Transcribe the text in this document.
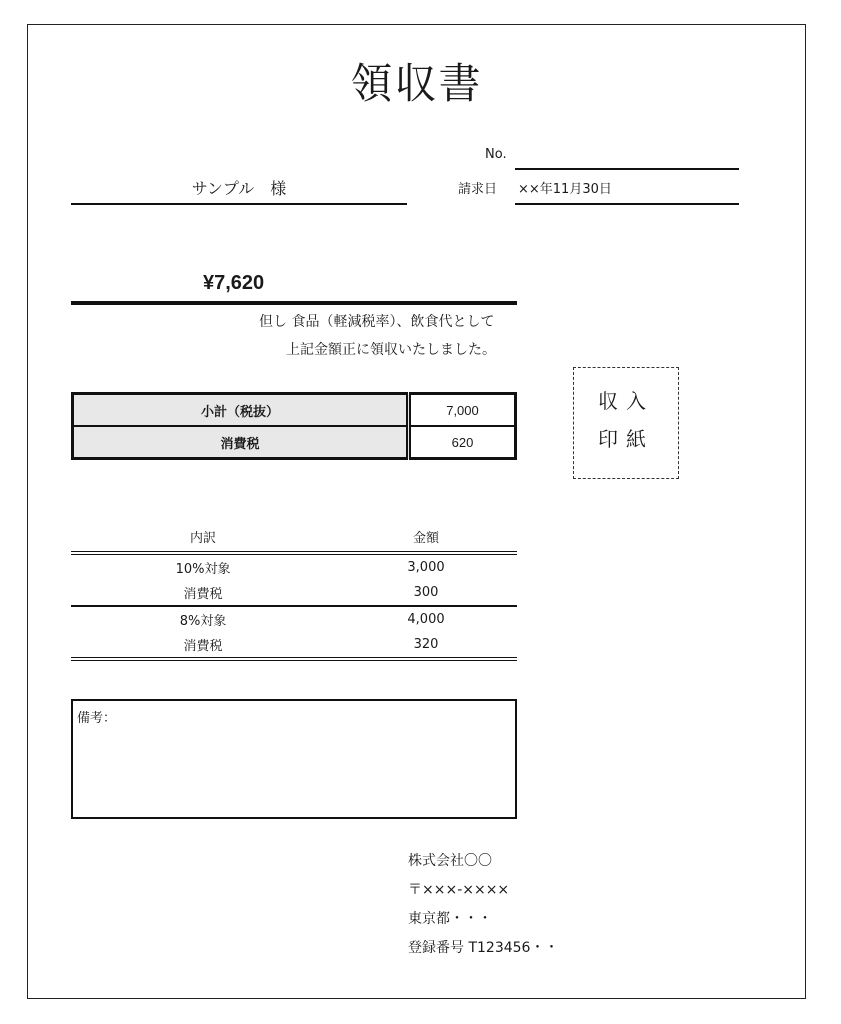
領収書
No.
サンプル　様	請求日 ××年11月30日
¥7,620
但し 食品（軽減税率）、飲食代として
上記金額正に領収いたしました。
小計（税抜）	7,000
消費税	620
収入
印紙
内訳	金額
10%対象	3,000
消費税	300
8%対象	4,000
消費税	320
備考：
株式会社〇〇
〒×××-××××
東京都・・・
登録番号 T123456・・
